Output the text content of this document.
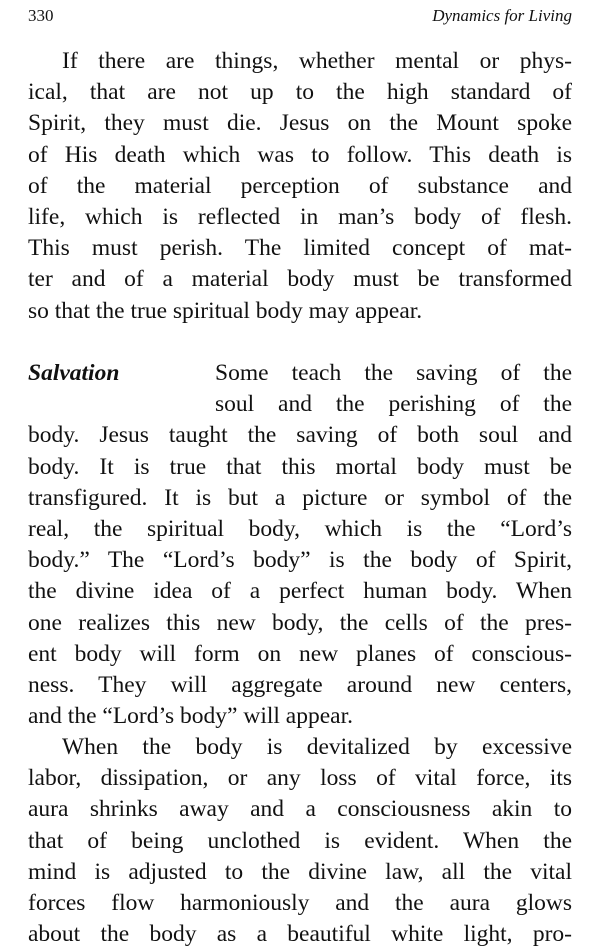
330	Dynamics for Living
Salvation
If there are things, whether mental or phys-
ical, that are not up to the high standard of
Spirit, they must die. Jesus on the Mount spoke
of His death which was to follow. This death is
of the material perception of substance and
life, which is reflected in man’s body of flesh.
This must perish. The limited concept of mat-
ter and of a material body must be transformed
so that the true spiritual body may appear.
Some teach the saving of the
soul and the perishing of the
body. Jesus taught the saving of both soul and
body. It is true that this mortal body must be
transfigured. It is but a picture or symbol of the
real, the spiritual body, which is the “Lord’s
body.” The “Lord’s body” is the body of Spirit,
the divine idea of a perfect human body. When
one realizes this new body, the cells of the pres-
ent body will form on new planes of conscious-
ness. They will aggregate around new centers,
and the “Lord’s body” will appear.
When the body is devitalized by excessive
labor, dissipation, or any loss of vital force, its
aura shrinks away and a consciousness akin to
that of being unclothed is evident. When the
mind is adjusted to the divine law, all the vital
forces flow harmoniously and the aura glows
about the body as a beautiful white light, pro-
